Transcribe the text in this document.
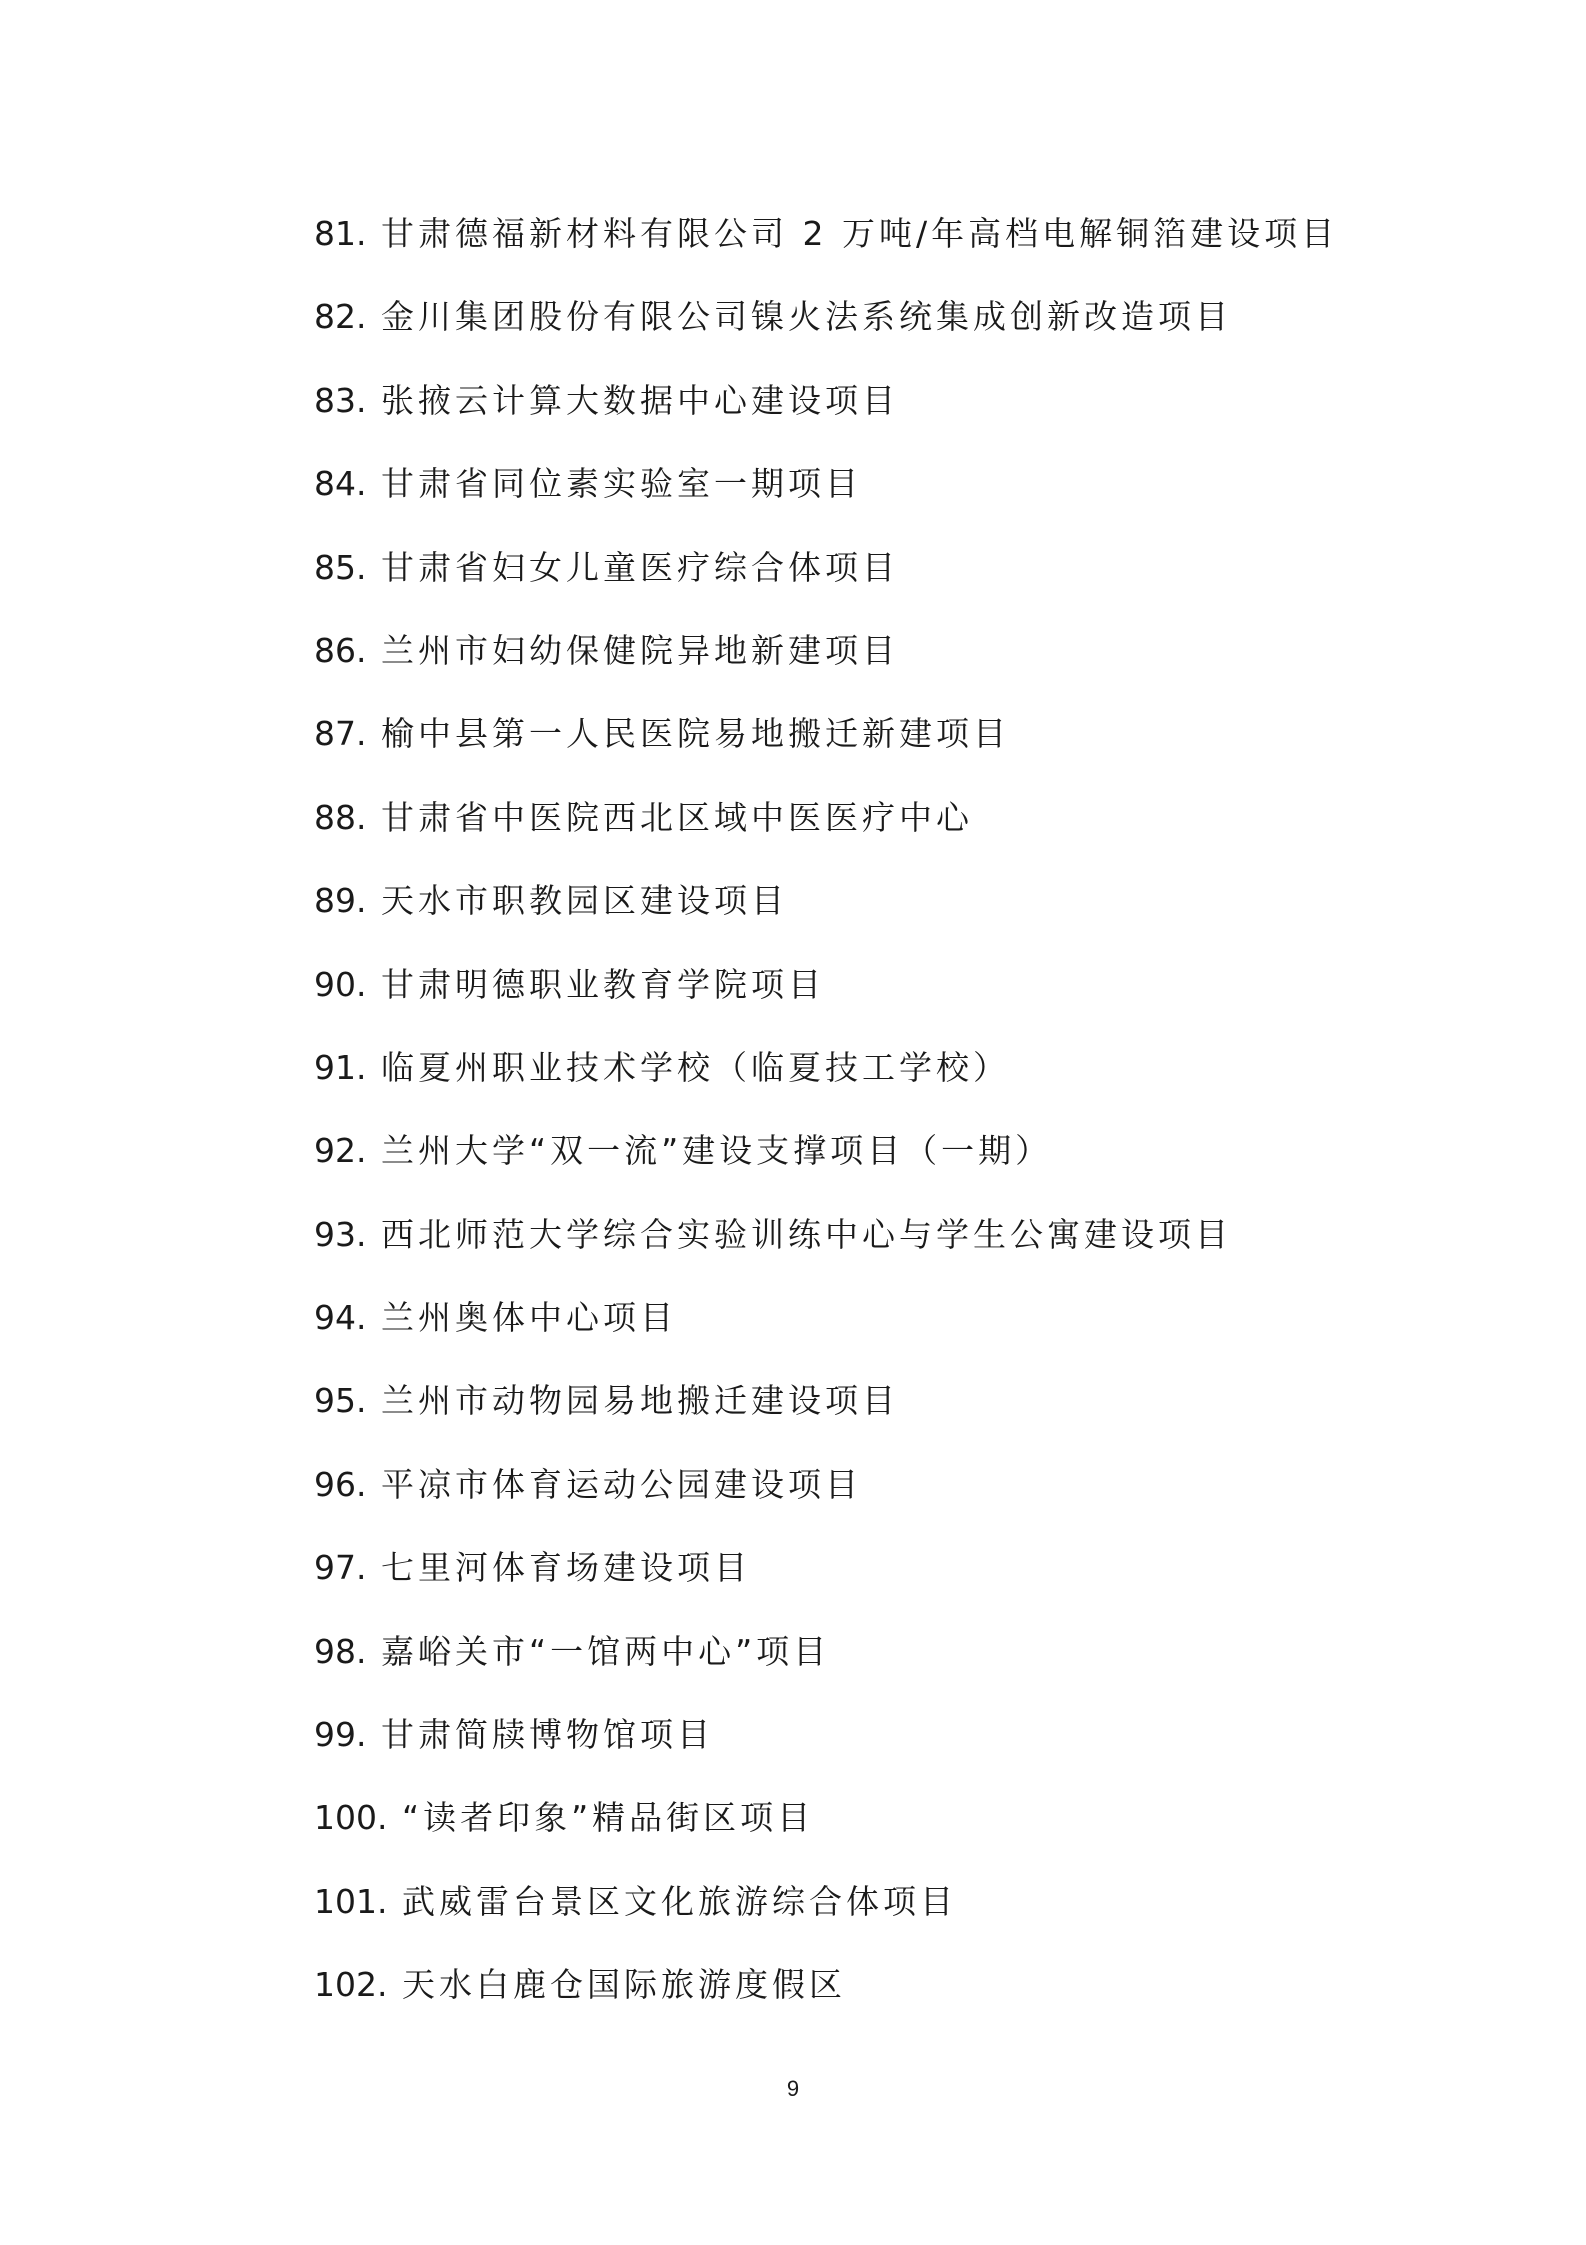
81. 甘肃德福新材料有限公司 2 万吨/年高档电解铜箔建设项目
82. 金川集团股份有限公司镍火法系统集成创新改造项目
83. 张掖云计算大数据中心建设项目
84. 甘肃省同位素实验室一期项目
85. 甘肃省妇女儿童医疗综合体项目
86. 兰州市妇幼保健院异地新建项目
87. 榆中县第一人民医院易地搬迁新建项目
88. 甘肃省中医院西北区域中医医疗中心
89. 天水市职教园区建设项目
90. 甘肃明德职业教育学院项目
91. 临夏州职业技术学校（临夏技工学校）
92. 兰州大学“双一流”建设支撑项目（一期）
93. 西北师范大学综合实验训练中心与学生公寓建设项目
94. 兰州奥体中心项目
95. 兰州市动物园易地搬迁建设项目
96. 平凉市体育运动公园建设项目
97. 七里河体育场建设项目
98. 嘉峪关市“一馆两中心”项目
99. 甘肃简牍博物馆项目
100. “读者印象”精品街区项目
101. 武威雷台景区文化旅游综合体项目
102. 天水白鹿仓国际旅游度假区
9
